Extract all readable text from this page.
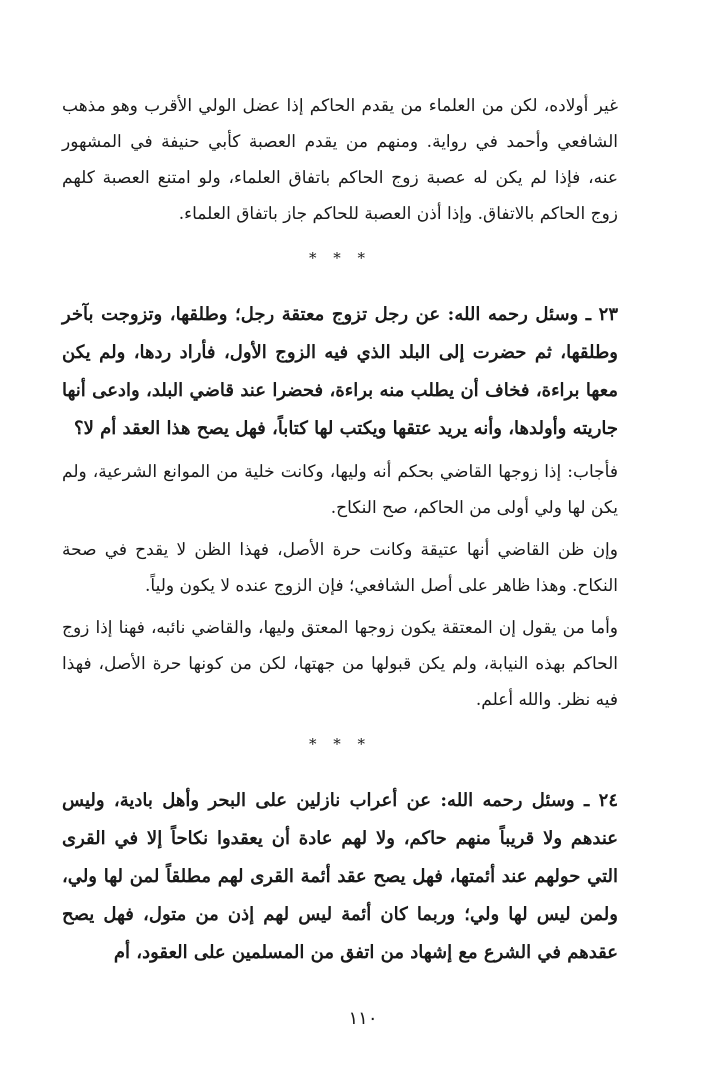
غير أولاده، لكن من العلماء من يقدم الحاكم إذا عضل الولي الأقرب وهو مذهب الشافعي وأحمد في رواية. ومنهم من يقدم العصبة كأبي حنيفة في المشهور عنه، فإذا لم يكن له عصبة زوج الحاكم باتفاق العلماء، ولو امتنع العصبة كلهم زوج الحاكم بالاتفاق. وإذا أذن العصبة للحاكم جاز باتفاق العلماء.

* * *

٢٣ ـ وسئل رحمه الله: عن رجل تزوج معتقة رجل؛ وطلقها، وتزوجت بآخر وطلقها، ثم حضرت إلى البلد الذي فيه الزوج الأول، فأراد ردها، ولم يكن معها براءة، فخاف أن يطلب منه براءة، فحضرا عند قاضي البلد، وادعى أنها جاريته وأولدها، وأنه يريد عتقها ويكتب لها كتاباً، فهل يصح هذا العقد أم لا؟

فأجاب: إذا زوجها القاضي بحكم أنه وليها، وكانت خلية من الموانع الشرعية، ولم يكن لها ولي أولى من الحاكم، صح النكاح.

وإن ظن القاضي أنها عتيقة وكانت حرة الأصل، فهذا الظن لا يقدح في صحة النكاح. وهذا ظاهر على أصل الشافعي؛ فإن الزوج عنده لا يكون ولياً.

وأما من يقول إن المعتقة يكون زوجها المعتق وليها، والقاضي نائبه، فهنا إذا زوج الحاكم بهذه النيابة، ولم يكن قبولها من جهتها، لكن من كونها حرة الأصل، فهذا فيه نظر. والله أعلم.

* * *

٢٤ ـ وسئل رحمه الله: عن أعراب نازلين على البحر وأهل بادية، وليس عندهم ولا قريباً منهم حاكم، ولا لهم عادة أن يعقدوا نكاحاً إلا في القرى التي حولهم عند أئمتها، فهل يصح عقد أئمة القرى لهم مطلقاً لمن لها ولي، ولمن ليس لها ولي؛ وربما كان أئمة ليس لهم إذن من متول، فهل يصح عقدهم في الشرع مع إشهاد من اتفق من المسلمين على العقود، أم

١١٠
